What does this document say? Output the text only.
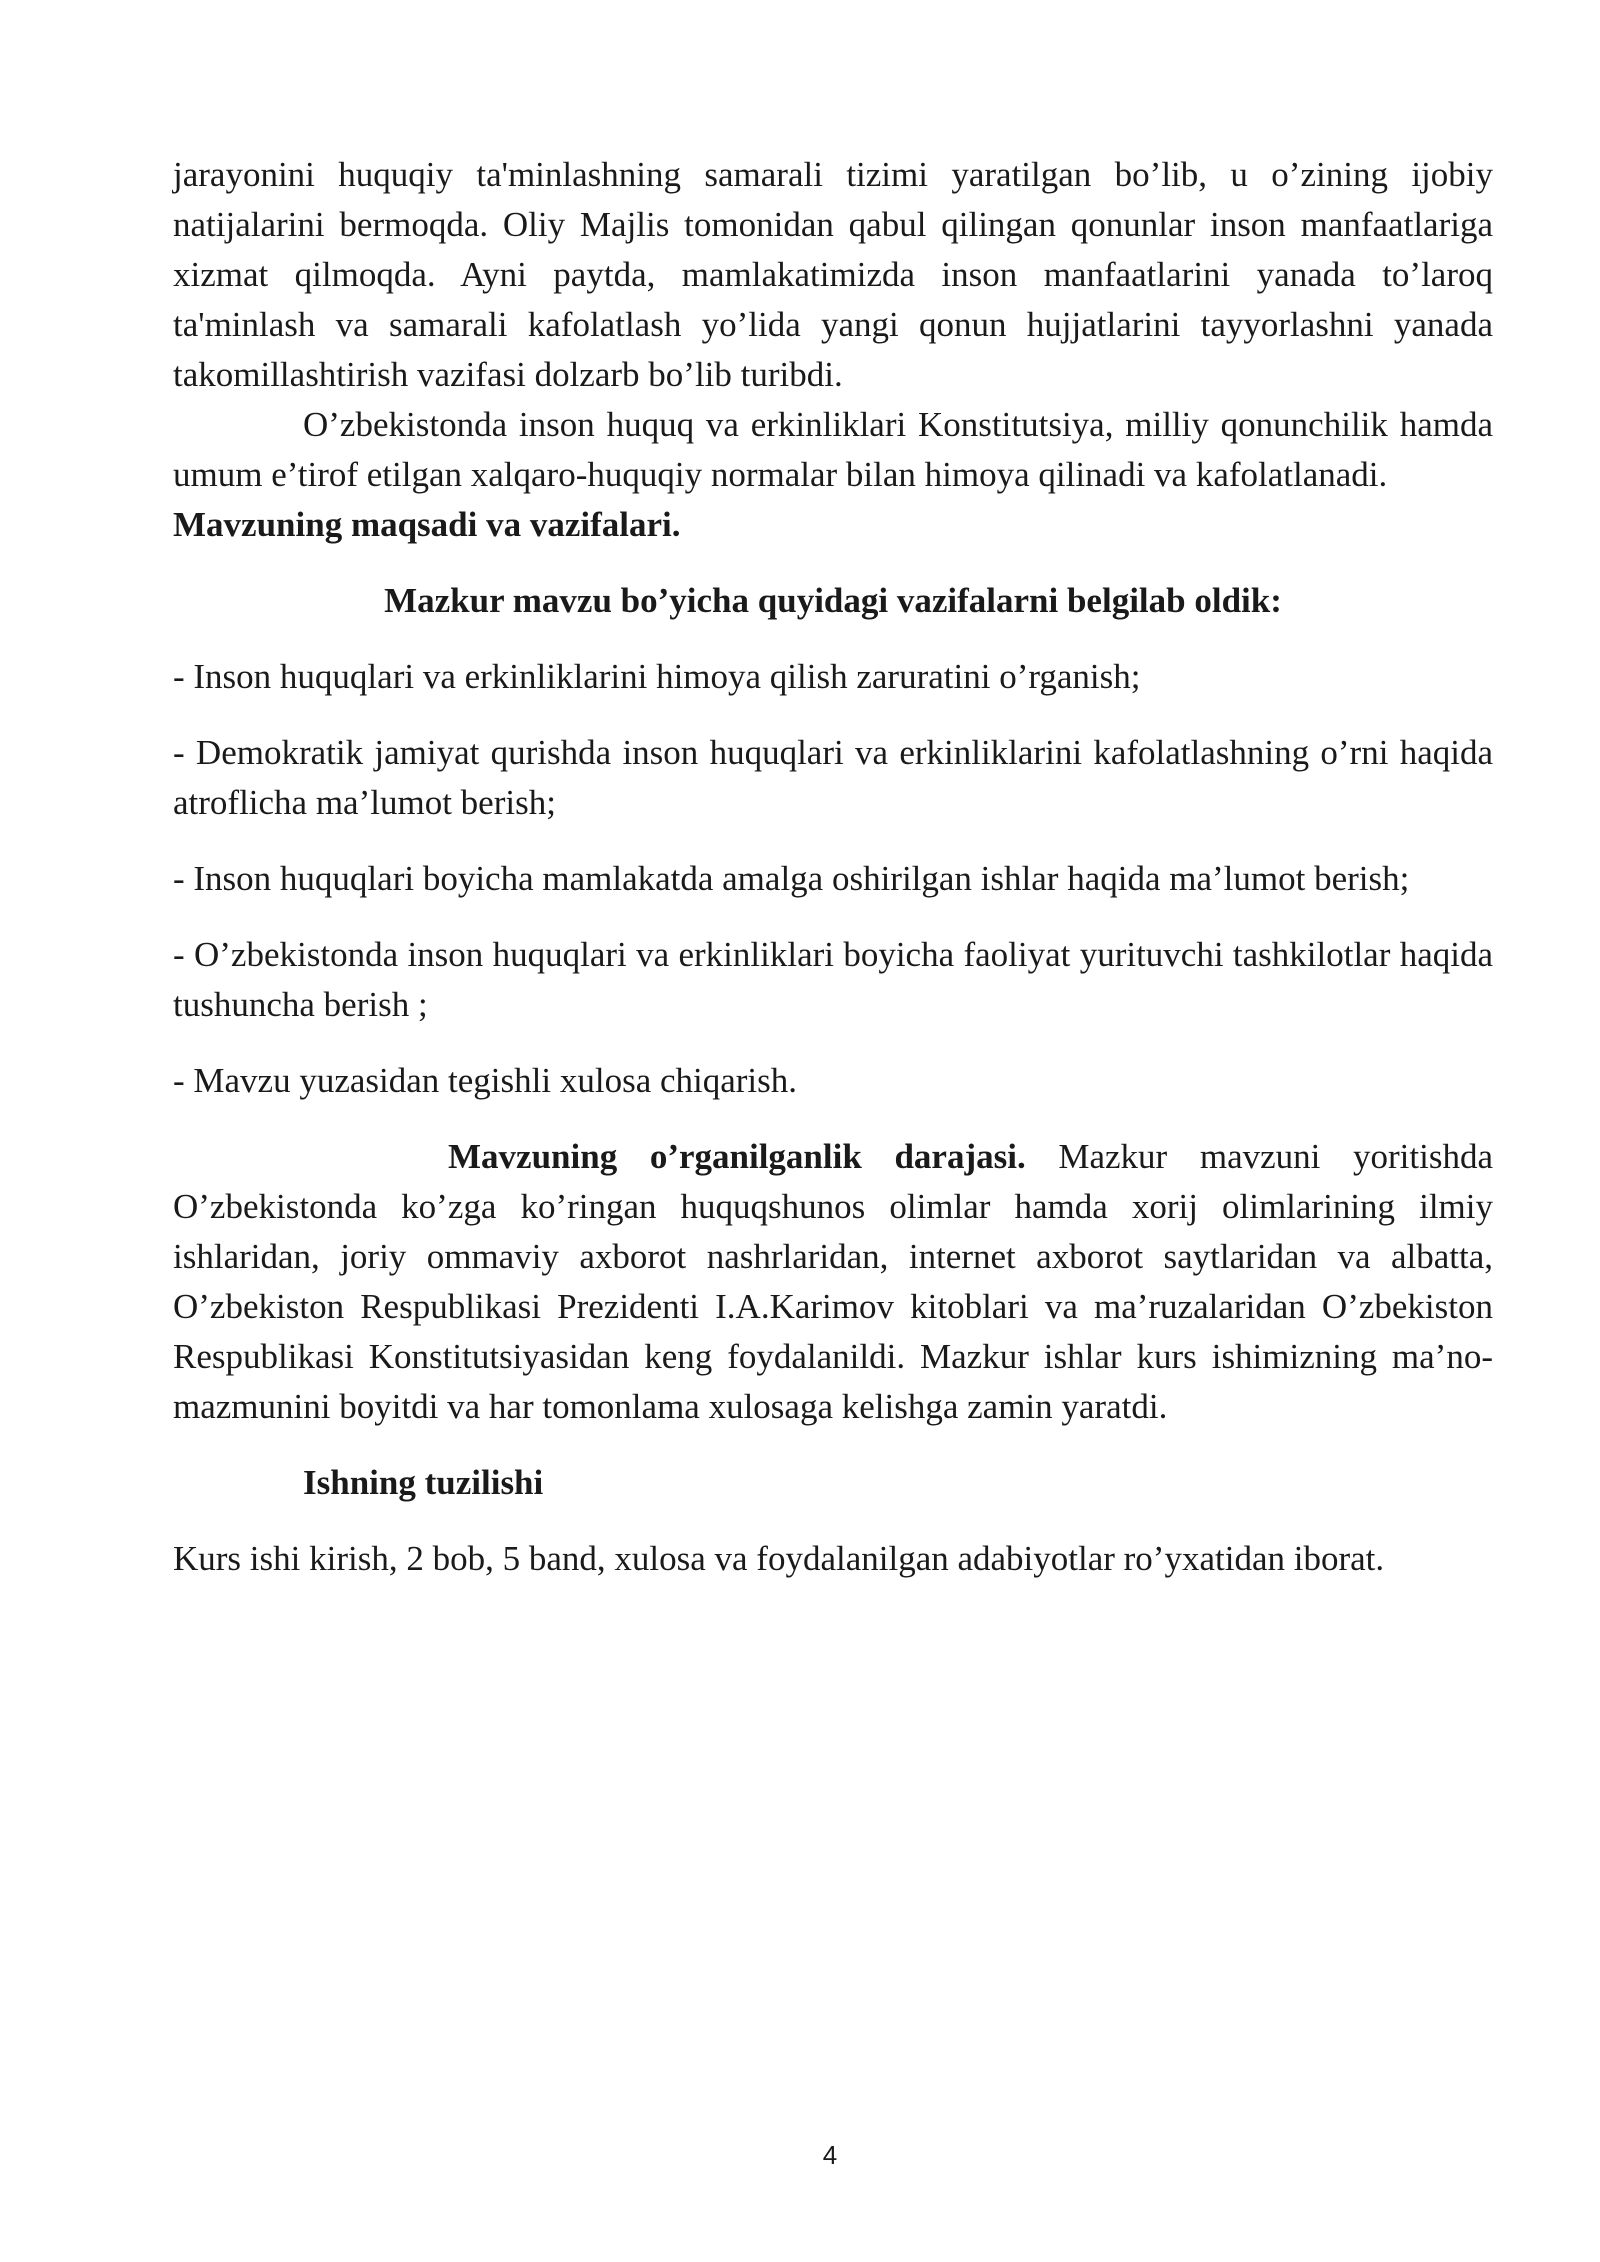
jarayonini huquqiy ta'minlashning samarali tizimi yaratilgan bo’lib, u o’zining ijobiy natijalarini bermoqda. Oliy Majlis tomonidan qabul qilingan qonunlar inson manfaatlariga xizmat qilmoqda. Ayni paytda, mamlakatimizda inson manfaatlarini yanada to’laroq ta'minlash va samarali kafolatlash yo’lida yangi qonun hujjatlarini tayyorlashni yanada takomillashtirish vazifasi dolzarb bo’lib turibdi.

O’zbekistonda inson huquq va erkinliklari Konstitutsiya, milliy qonunchilik hamda umum e’tirof etilgan xalqaro-huquqiy normalar bilan himoya qilinadi va kafolatlanadi.

Mavzuning maqsadi va vazifalari.

Mazkur mavzu bo’yicha quyidagi vazifalarni belgilab oldik:

- Inson huquqlari va erkinliklarini himoya qilish zaruratini o’rganish;

- Demokratik jamiyat qurishda inson huquqlari va erkinliklarini kafolatlashning o’rni haqida atroflicha ma’lumot berish;

- Inson huquqlari boyicha mamlakatda amalga oshirilgan ishlar haqida ma’lumot berish;

- O’zbekistonda inson huquqlari va erkinliklari boyicha faoliyat yurituvchi tashkilotlar haqida tushuncha berish ;

- Mavzu yuzasidan tegishli xulosa chiqarish.

Mavzuning o’rganilganlik darajasi. Mazkur mavzuni yoritishda O’zbekistonda ko’zga ko’ringan huquqshunos olimlar hamda xorij olimlarining ilmiy ishlaridan, joriy ommaviy axborot nashrlaridan, internet axborot saytlaridan va albatta, O’zbekiston Respublikasi Prezidenti I.A.Karimov kitoblari va ma’ruzalaridan O’zbekiston Respublikasi Konstitutsiyasidan keng foydalanildi. Mazkur ishlar kurs ishimizning ma’no-mazmunini boyitdi va har tomonlama xulosaga kelishga zamin yaratdi.

Ishning tuzilishi

Kurs ishi kirish, 2 bob, 5 band, xulosa va foydalanilgan adabiyotlar ro’yxatidan iborat.

4
